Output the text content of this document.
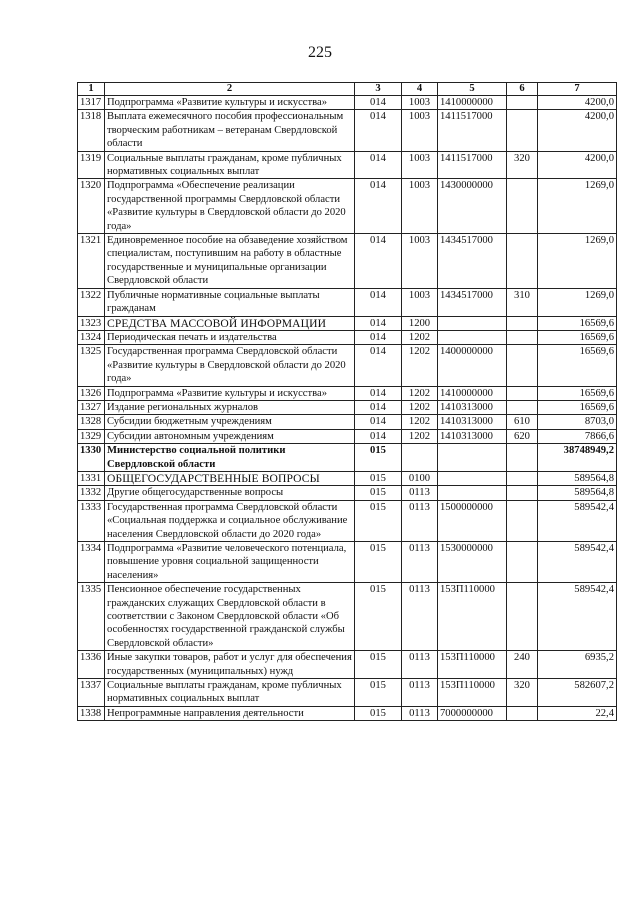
225
1	2	3	4	5	6	7
1317	Подпрограмма «Развитие культуры и искусства»	014	1003	1410000000		4200,0
1318	Выплата ежемесячного пособия профессиональным творческим работникам – ветеранам Свердловской области	014	1003	1411517000		4200,0
1319	Социальные выплаты гражданам, кроме публичных нормативных социальных выплат	014	1003	1411517000	320	4200,0
1320	Подпрограмма «Обеспечение реализации государственной программы Свердловской области «Развитие культуры в Свердловской области до 2020 года»	014	1003	1430000000		1269,0
1321	Единовременное пособие на обзаведение хозяйством специалистам, поступившим на работу в областные государственные и муниципальные организации Свердловской области	014	1003	1434517000		1269,0
1322	Публичные нормативные социальные выплаты гражданам	014	1003	1434517000	310	1269,0
1323	СРЕДСТВА МАССОВОЙ ИНФОРМАЦИИ	014	1200			16569,6
1324	Периодическая печать и издательства	014	1202			16569,6
1325	Государственная программа Свердловской области «Развитие культуры в Свердловской области до 2020 года»	014	1202	1400000000		16569,6
1326	Подпрограмма «Развитие культуры и искусства»	014	1202	1410000000		16569,6
1327	Издание региональных журналов	014	1202	1410313000		16569,6
1328	Субсидии бюджетным учреждениям	014	1202	1410313000	610	8703,0
1329	Субсидии автономным учреждениям	014	1202	1410313000	620	7866,6
1330	Министерство социальной политики Свердловской области	015				38748949,2
1331	ОБЩЕГОСУДАРСТВЕННЫЕ ВОПРОСЫ	015	0100			589564,8
1332	Другие общегосударственные вопросы	015	0113			589564,8
1333	Государственная программа Свердловской области «Социальная поддержка и социальное обслуживание населения Свердловской области до 2020 года»	015	0113	1500000000		589542,4
1334	Подпрограмма «Развитие человеческого потенциала, повышение уровня социальной защищенности населения»	015	0113	1530000000		589542,4
1335	Пенсионное обеспечение государственных гражданских служащих Свердловской области в соответствии с Законом Свердловской области «Об особенностях государственной гражданской службы Свердловской области»	015	0113	153П110000		589542,4
1336	Иные закупки товаров, работ и услуг для обеспечения государственных (муниципальных) нужд	015	0113	153П110000	240	6935,2
1337	Социальные выплаты гражданам, кроме публичных нормативных социальных выплат	015	0113	153П110000	320	582607,2
1338	Непрограммные направления деятельности	015	0113	7000000000		22,4
